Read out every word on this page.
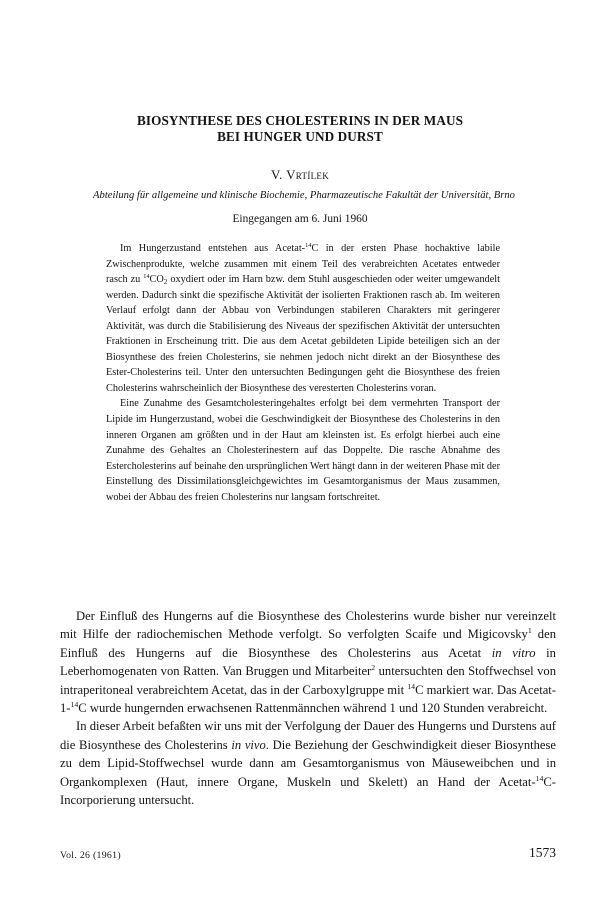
BIOSYNTHESE DES CHOLESTERINS IN DER MAUS
BEI HUNGER UND DURST
V. Vrtílek
Abteilung für allgemeine und klinische Biochemie, Pharmazeutische Fakultät der Universität, Brno
Eingegangen am 6. Juni 1960

Im Hungerzustand entstehen aus Acetat-$^{14}$C in der ersten Phase hochaktive labile Zwischenprodukte, welche zusammen mit einem Teil des verabreichten Acetates entweder rasch zu $^{14}CO_2$ oxydiert oder im Harn bzw. dem Stuhl ausgeschieden oder weiter umgewandelt werden. Dadurch sinkt die spezifische Aktivität der isolierten Fraktionen rasch ab. Im weiteren Verlauf erfolgt dann der Abbau von Verbindungen stabileren Charakters mit geringerer Aktivität, was durch die Stabilisierung des Niveaus der spezifischen Aktivität der untersuchten Fraktionen in Erscheinung tritt. Die aus dem Acetat gebildeten Lipide beteiligen sich an der Biosynthese des freien Cholesterins, sie nehmen jedoch nicht direkt an der Biosynthese des Ester-Cholesterins teil. Unter den untersuchten Bedingungen geht die Biosynthese des freien Cholesterins wahrscheinlich der Biosynthese des veresterten Cholesterins voran.

Eine Zunahme des Gesamtcholesteringehaltes erfolgt bei dem vermehrten Transport der Lipide im Hungerzustand, wobei die Geschwindigkeit der Biosynthese des Cholesterins in den inneren Organen am größten und in der Haut am kleinsten ist. Es erfolgt hierbei auch eine Zunahme des Gehaltes an Cholesterinestern auf das Doppelte. Die rasche Abnahme des Estercholesterins auf beinahe den ursprünglichen Wert hängt dann in der weiteren Phase mit der Einstellung des Dissimilationsgleichgewichtes im Gesamtorganismus der Maus zusammen, wobei der Abbau des freien Cholesterins nur langsam fortschreitet.

Der Einfluß des Hungerns auf die Biosynthese des Cholesterins wurde bisher nur vereinzelt mit Hilfe der radiochemischen Methode verfolgt. So verfolgten Scaife und Migicovsky$^1$ den Einfluß des Hungerns auf die Biosynthese des Cholesterins aus Acetat in vitro in Leberhomogenaten von Ratten. Van Bruggen und Mitarbeiter$^2$ untersuchten den Stoffwechsel von intraperitoneal verabreichtem Acetat, das in der Carboxylgruppe mit $^{14}$C markiert war. Das Acetat-1-$^{14}$C wurde hungernden erwachsenen Rattenmännchen während 1 und 120 Stunden verabreicht.

In dieser Arbeit befaßten wir uns mit der Verfolgung der Dauer des Hungerns und Durstens auf die Biosynthese des Cholesterins in vivo. Die Beziehung der Geschwindigkeit dieser Biosynthese zu dem Lipid-Stoffwechsel wurde dann am Gesamtorganismus von Mäuseweibchen und in Organkomplexen (Haut, innere Organe, Muskeln und Skelett) an Hand der Acetat-$^{14}$C-Incorporierung untersucht.

Vol. 26 (1961)	1573
